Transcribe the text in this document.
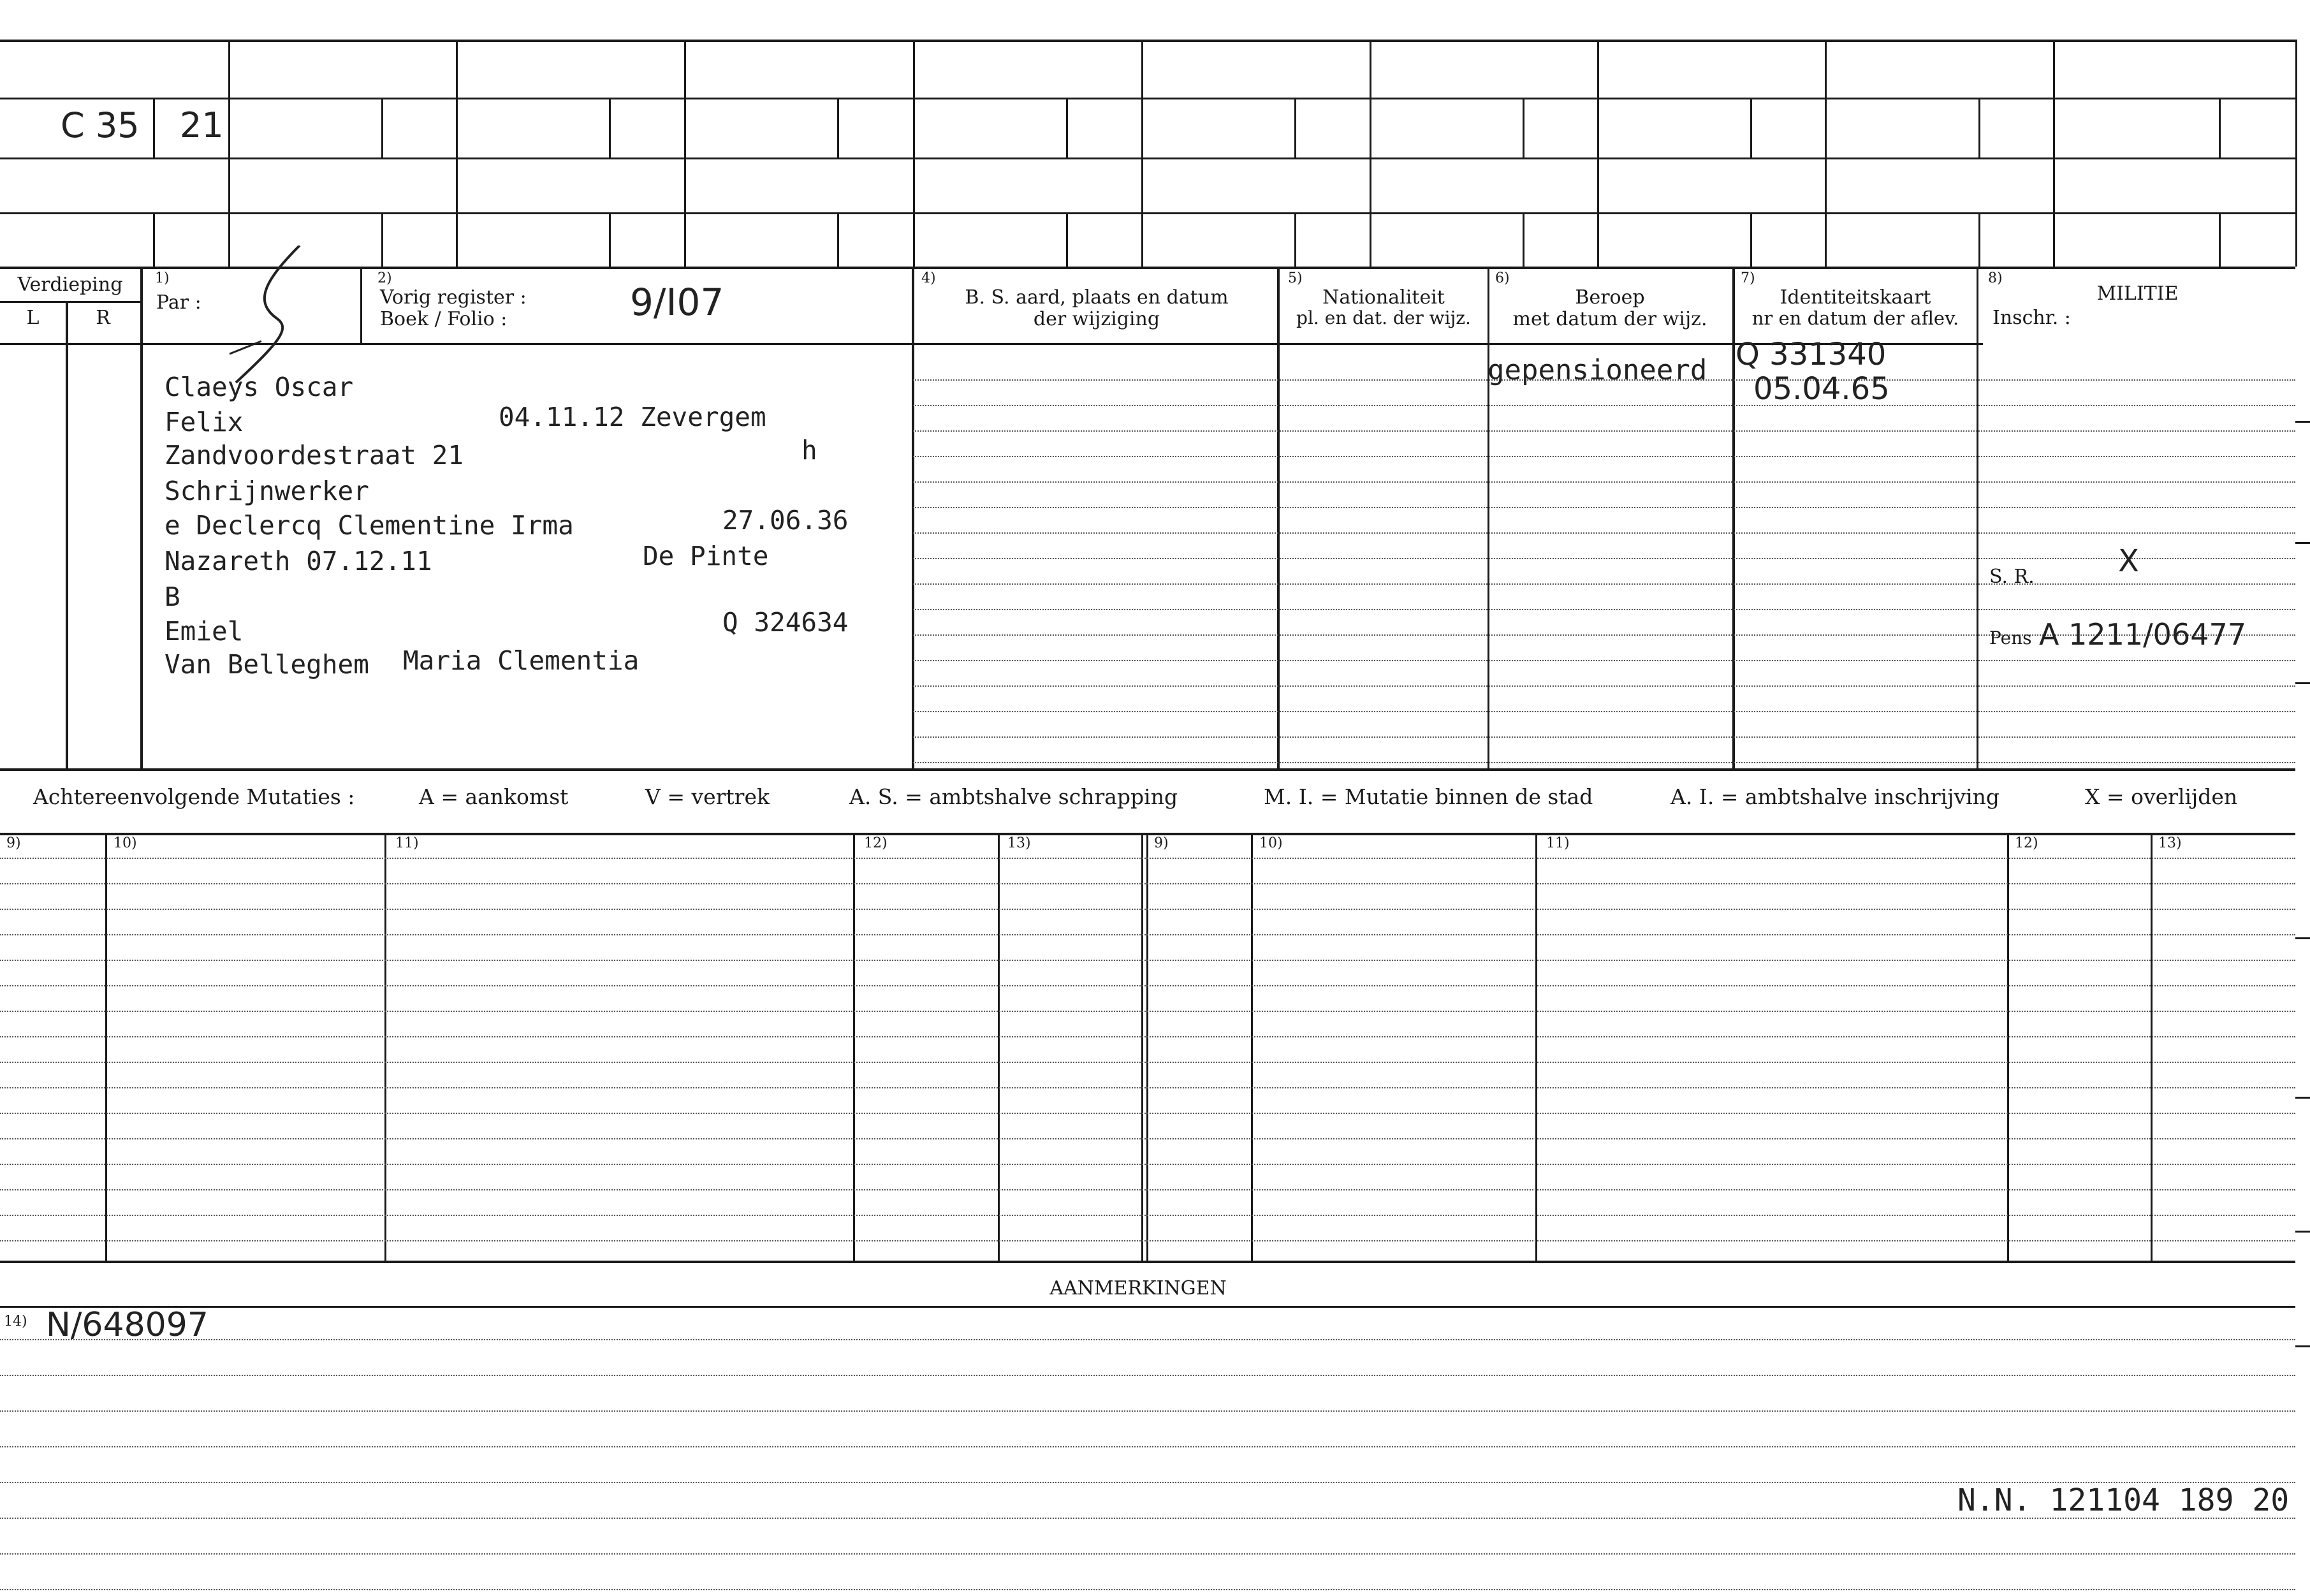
C 35 21
Verdieping
L	R
1)
Par :
2)
Vorig register :
Boek / Folio :	9/I07
4)
B. S. aard, plaats en datum
der wijziging
5)
Nationaliteit
pl. en dat. der wijz.
6)
Beroep
met datum der wijz.
7)
Identiteitskaart
nr en datum der aflev.
8)
MILITIE
Inschr. :
Claeys Oscar
Felix	04.11.12 Zevergem
Zandvoordestraat 21	h
Schrijnwerker
e Declercq Clementine Irma	27.06.36
Nazareth 07.12.11	De Pinte
B
Emiel	Q 324634
Van Belleghem Maria Clementia
gepensioneerd Q 331340
05.04.65
S. R.	X
Pens A 1211/06477
Achtereenvolgende Mutaties :	A = aankomst	V = vertrek	A. S. = ambtshalve schrapping	M. I. = Mutatie binnen de stad	A. I. = ambtshalve inschrijving	X = overlijden
9)	10)	11)	12)	13)	9)	10)	11)	12)	13)
AANMERKINGEN
14) N/648097
N.N. 121104 189 20
